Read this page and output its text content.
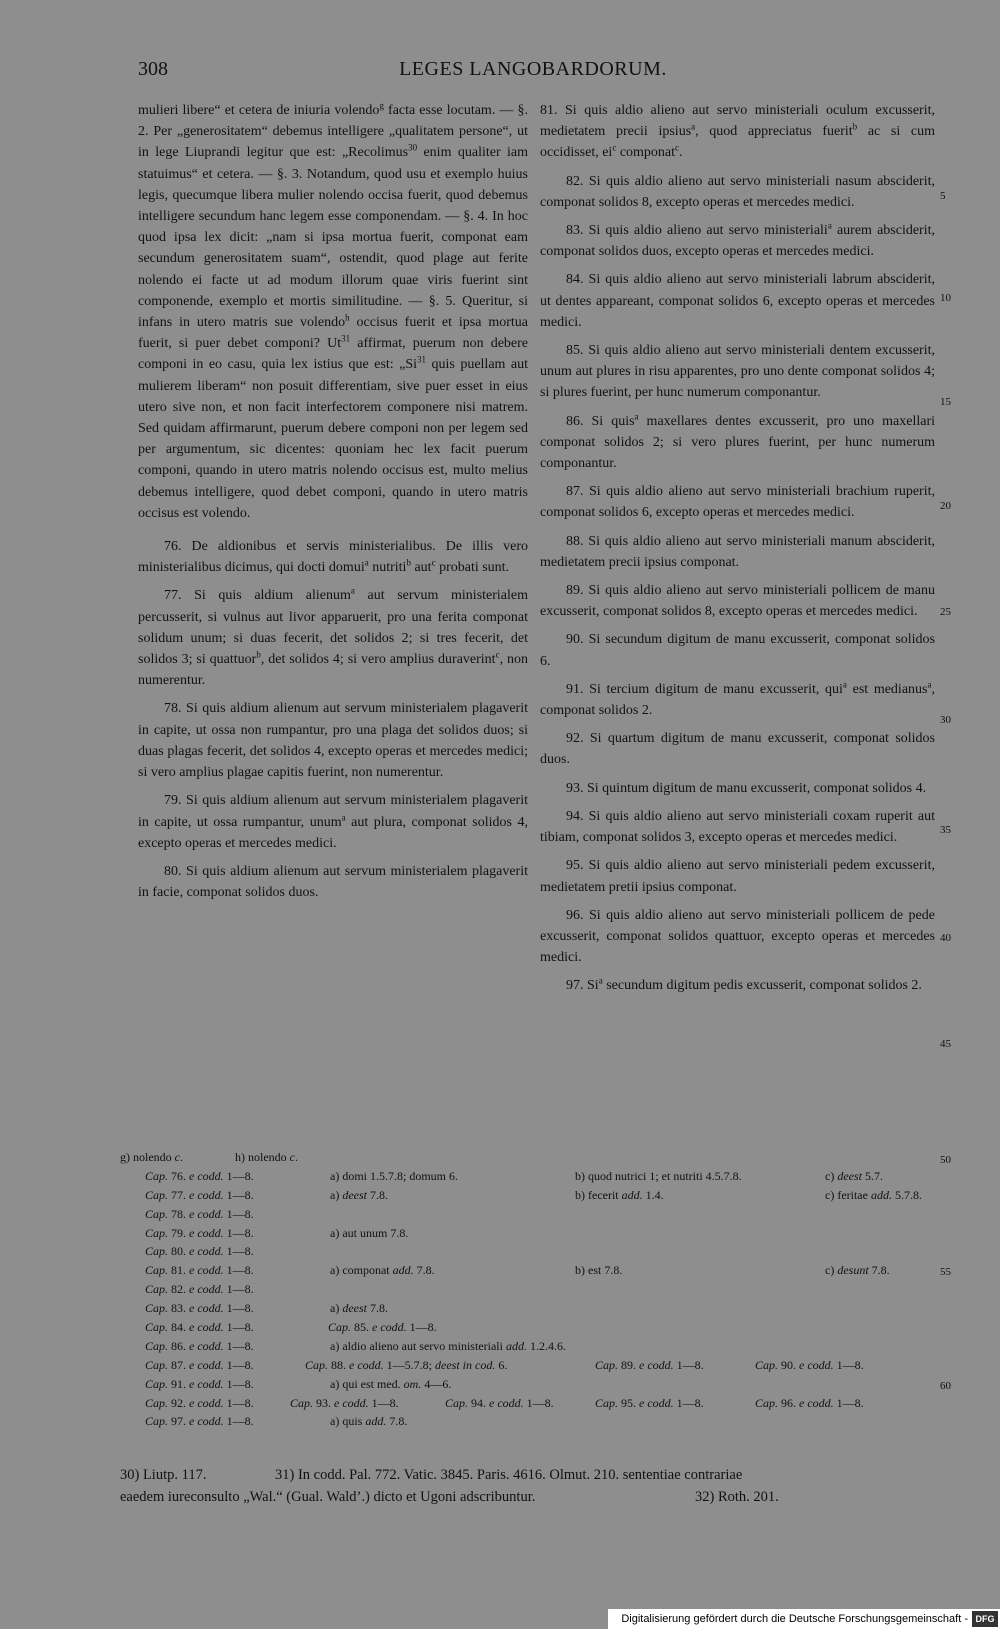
308	LEGES LANGOBARDORUM.

mulieri libere“ et cetera de iniuria volendo$^g$ facta esse locutam. — §. 2. Per „generositatem“ debemus intelligere „qualitatem persone“, ut in lege Liuprandi legitur que est: „Recolimus$^{30}$ enim qualiter iam statuimus“ et cetera. — §. 3. Notandum, quod usu et exemplo huius legis, quecumque libera mulier nolendo occisa fuerit, quod debemus intelligere secundum hanc legem esse componendam. — §. 4. In hoc quod ipsa lex dicit: „nam si ipsa mortua fuerit, componat eam secundum generositatem suam“, ostendit, quod plage aut ferite nolendo ei facte ut ad modum illorum quae viris fuerint sint componende, exemplo et mortis similitudine. — §. 5. Queritur, si infans in utero matris sue volendo$^h$ occisus fuerit et ipsa mortua fuerit, si puer debet componi? Ut$^{31}$ affirmat, puerum non debere componi in eo casu, quia lex istius que est: „Si$^{31}$ quis puellam aut mulierem liberam“ non posuit differentiam, sive puer esset in eius utero sive non, et non facit interfectorem componere nisi matrem. Sed quidam affirmarunt, puerum debere componi non per legem sed per argumentum, sic dicentes: quoniam hec lex facit puerum componi, quando in utero matris nolendo occisus est, multo melius debemus intelligere, quod debet componi, quando in utero matris occisus est volendo.

76. De aldionibus et servis ministerialibus. De illis vero ministerialibus dicimus, qui docti domui$^a$ nutriti$^b$ aut$^c$ probati sunt.

77. Si quis aldium alienum$^a$ aut servum ministerialem percusserit, si vulnus aut livor apparuerit, pro una ferita componat solidum unum; si duas fecerit, det solidos 2; si tres fecerit, det solidos 3; si quattuor$^b$, det solidos 4; si vero amplius duraverint$^c$, non numerentur.

78. Si quis aldium alienum aut servum ministerialem plagaverit in capite, ut ossa non rumpantur, pro una plaga det solidos duos; si duas plagas fecerit, det solidos 4, excepto operas et mercedes medici; si vero amplius plagae capitis fuerint, non numerentur.

79. Si quis aldium alienum aut servum ministerialem plagaverit in capite, ut ossa rumpantur, unum$^a$ aut plura, componat solidos 4, excepto operas et mercedes medici.

80. Si quis aldium alienum aut servum ministerialem plagaverit in facie, componat solidos duos.

81. Si quis aldio alieno aut servo ministeriali oculum excusserit, medietatem precii ipsius$^a$, quod appreciatus fuerit$^b$ ac si cum occidisset, $ei^c$ componat$^c$.

82. Si quis aldio alieno aut servo ministeriali nasum absciderit, componat solidos 8, excepto operas et mercedes medici.

83. Si quis aldio alieno aut servo ministeriali$^a$ aurem absciderit, componat solidos duos, excepto operas et mercedes medici.

84. Si quis aldio alieno aut servo ministeriali labrum absciderit, ut dentes appareant, componat solidos 6, excepto operas et mercedes medici.

85. Si quis aldio alieno aut servo ministeriali dentem excusserit, unum aut plures in risu apparentes, pro uno dente componat solidos 4; si plures fuerint, per hunc numerum componantur.

86. Si quis$^a$ maxellares dentes excusserit, pro uno maxellari componat solidos 2; si vero plures fuerint, per hunc numerum componantur.

87. Si quis aldio alieno aut servo ministeriali brachium ruperit, componat solidos 6, excepto operas et mercedes medici.

88. Si quis aldio alieno aut servo ministeriali manum absciderit, medietatem precii ipsius componat.

89. Si quis aldio alieno aut servo ministeriali pollicem de manu excusserit, componat solidos 8, excepto operas et mercedes medici.

90. Si secundum digitum de manu excusserit, componat solidos 6.

91. Si tercium digitum de manu excusserit, qui$^a$ est medianus$^a$, componat solidos 2.

92. Si quartum digitum de manu excusserit, componat solidos duos.

93. Si quintum digitum de manu excusserit, componat solidos 4.

94. Si quis aldio alieno aut servo ministeriali coxam ruperit aut tibiam, componat solidos 3, excepto operas et mercedes medici.

95. Si quis aldio alieno aut servo ministeriali pedem excusserit, medietatem pretii ipsius componat.

96. Si quis aldio alieno aut servo ministeriali pollicem de pede excusserit, componat solidos quattuor, excepto operas et mercedes medici.

97. Si$^a$ secundum digitum pedis excusserit, componat solidos 2.

5
10
15
20
25
30
35
40
45
50
55
60
g) nolendo c.	h) nolendo c.
Cap. 76. e codd. 1—8.	a) domi 1.5.7.8; domum 6.	b) quod nutrici 1; et nutriti 4.5.7.8.	c) deest 5.7.
Cap. 77. e codd. 1—8.	a) deest 7.8.	b) fecerit add. 1.4.	c) feritae add. 5.7.8.
Cap. 78. e codd. 1—8.
Cap. 79. e codd. 1—8.	a) aut unum 7.8.
Cap. 80. e codd. 1—8.
Cap. 81. e codd. 1—8.	a) componat add. 7.8.	b) est 7.8.	c) desunt 7.8.
Cap. 82. e codd. 1—8.
Cap. 83. e codd. 1—8.	a) deest 7.8.
Cap. 84. e codd. 1—8.	Cap. 85. e codd. 1—8.
Cap. 86. e codd. 1—8.	a) aldio alieno aut servo ministeriali add. 1.2.4.6.
Cap. 87. e codd. 1—8.	Cap. 88. e codd. 1—5.7.8; deest in cod. 6.	Cap. 89. e codd. 1—8.	Cap. 90. e codd. 1—8.
Cap. 91. e codd. 1—8.	a) qui est med. om. 4—6.
Cap. 92. e codd. 1—8.	Cap. 93. e codd. 1—8.	Cap. 94. e codd. 1—8.	Cap. 95. e codd. 1—8.	Cap. 96. e codd. 1—8.
Cap. 97. e codd. 1—8.	a) quis add. 7.8.
30) Liutp. 117.	31) In codd. Pal. 772. Vatic. 3845. Paris. 4616. Olmut. 210. sententiae contrariae
eaedem iureconsulto „Wal.“ (Gual. Wald’.) dicto et Ugoni adscribuntur.	32) Roth. 201.
Digitalisierung gefördert durch die Deutsche Forschungsgemeinschaft - DFG
